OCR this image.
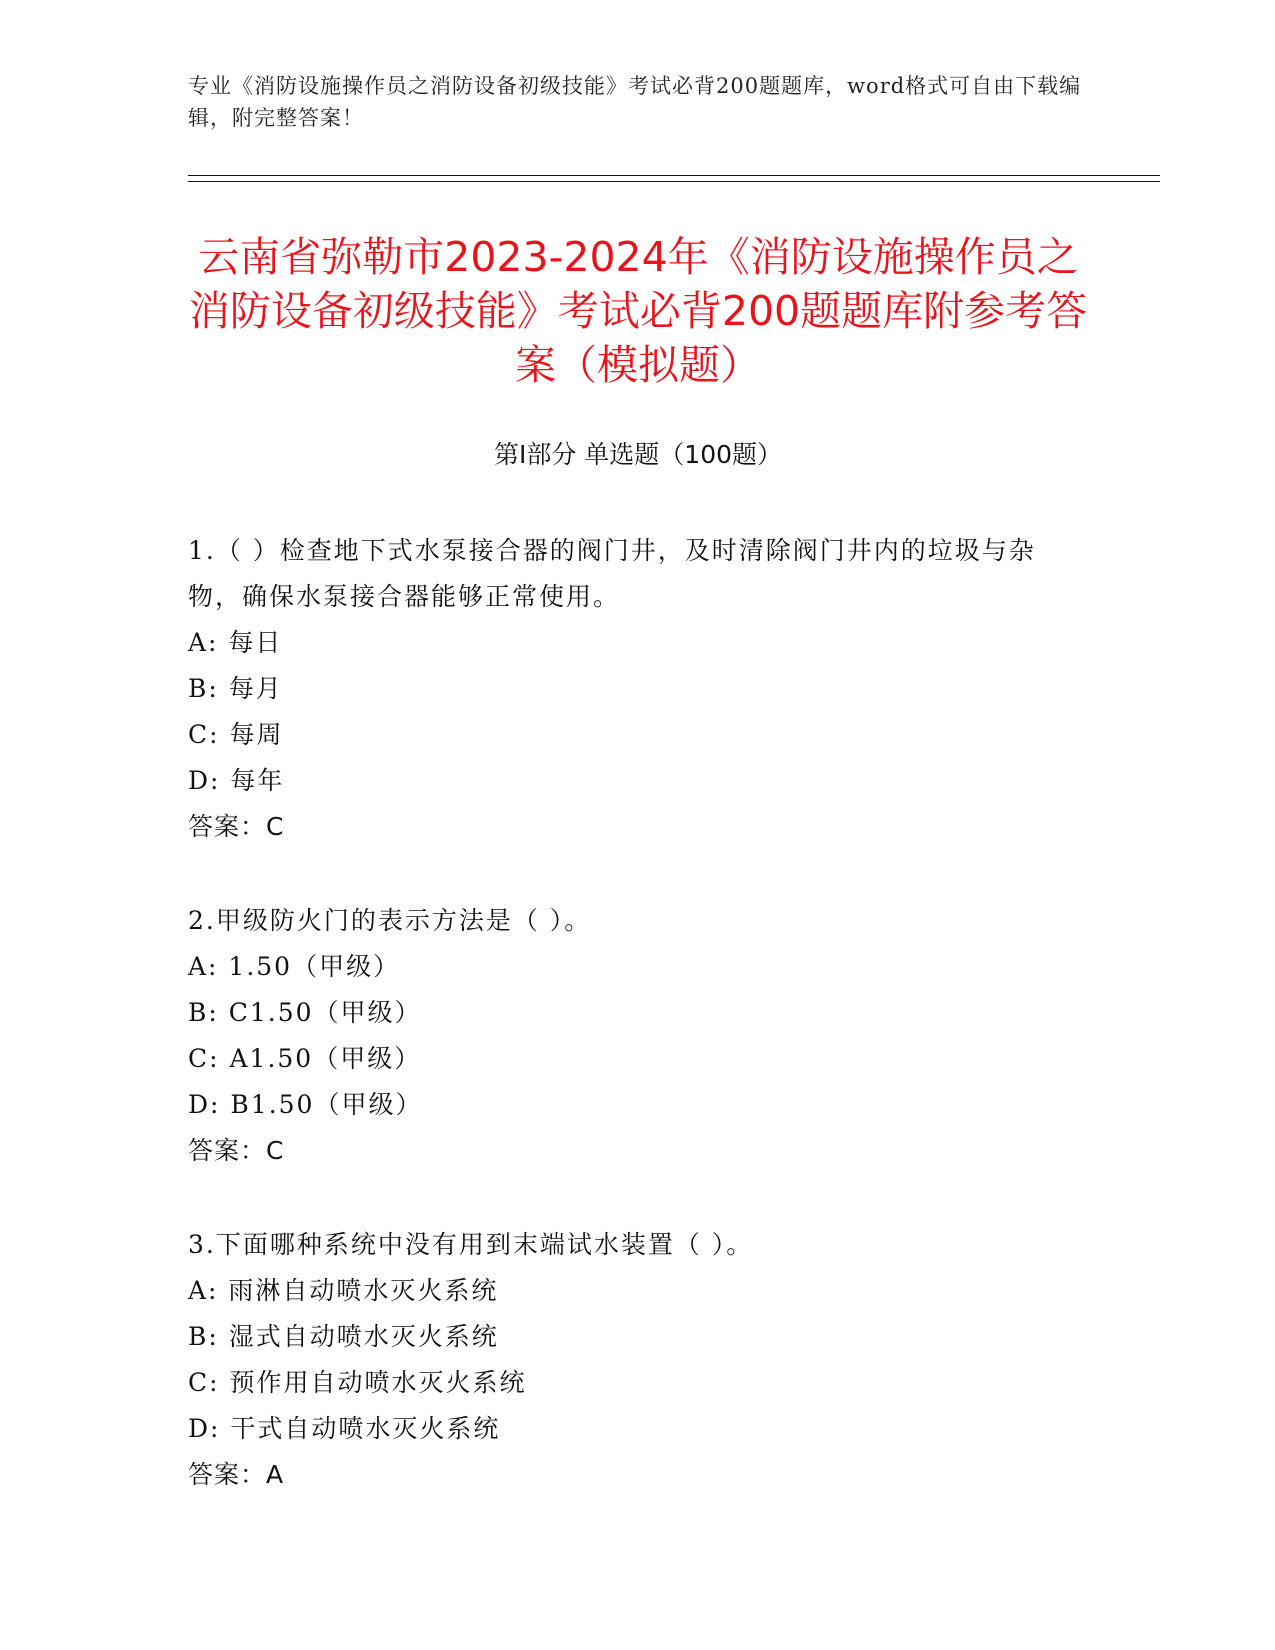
专业《消防设施操作员之消防设备初级技能》考试必背200题题库，word格式可自由下载编辑，附完整答案！
云南省弥勒市2023-2024年《消防设施操作员之消防设备初级技能》考试必背200题题库附参考答案（模拟题）
第I部分 单选题（100题）
1.（ ）检查地下式水泵接合器的阀门井，及时清除阀门井内的垃圾与杂物，确保水泵接合器能够正常使用。
A: 每日
B: 每月
C: 每周
D: 每年
答案：C
2.甲级防火门的表示方法是（ ）。
A: 1.50（甲级）
B: C1.50（甲级）
C: A1.50（甲级）
D: B1.50（甲级）
答案：C
3.下面哪种系统中没有用到末端试水装置（ ）。
A: 雨淋自动喷水灭火系统
B: 湿式自动喷水灭火系统
C: 预作用自动喷水灭火系统
D: 干式自动喷水灭火系统
答案：A
